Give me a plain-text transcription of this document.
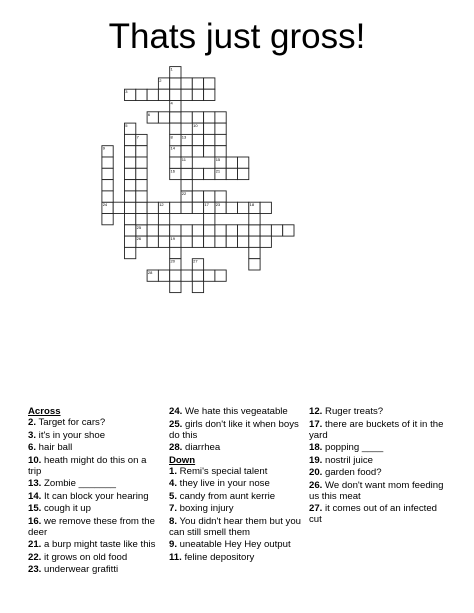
Thats just gross!
2
3
6
10
13
14
15
16	21
22
23
24
25
26
28
1
4
5
7	8
9
11
12	17	18
19
20	27
Across
2. Target for cars?
3. it's in your shoe
6. hair ball
10. heath might do this on a trip
13. Zombie _______
14. It can block your hearing
15. cough it up
16. we remove these from the deer
21. a burp might taste like this
22. it grows on old food
23. underwear grafitti
24. We hate this vegeatable
25. girls don't like it when boys do this
28. diarrhea
Down
1. Remi's special talent
4. they live in your nose
5. candy from aunt kerrie
7. boxing injury
8. You didn't hear them but you can still smell them
9. uneatable Hey Hey output
11. feline depository
12. Ruger treats?
17. there are buckets of it in the yard
18. popping ____
19. nostril juice
20. garden food?
26. We don't want mom feeding us this meat
27. it comes out of an infected cut
